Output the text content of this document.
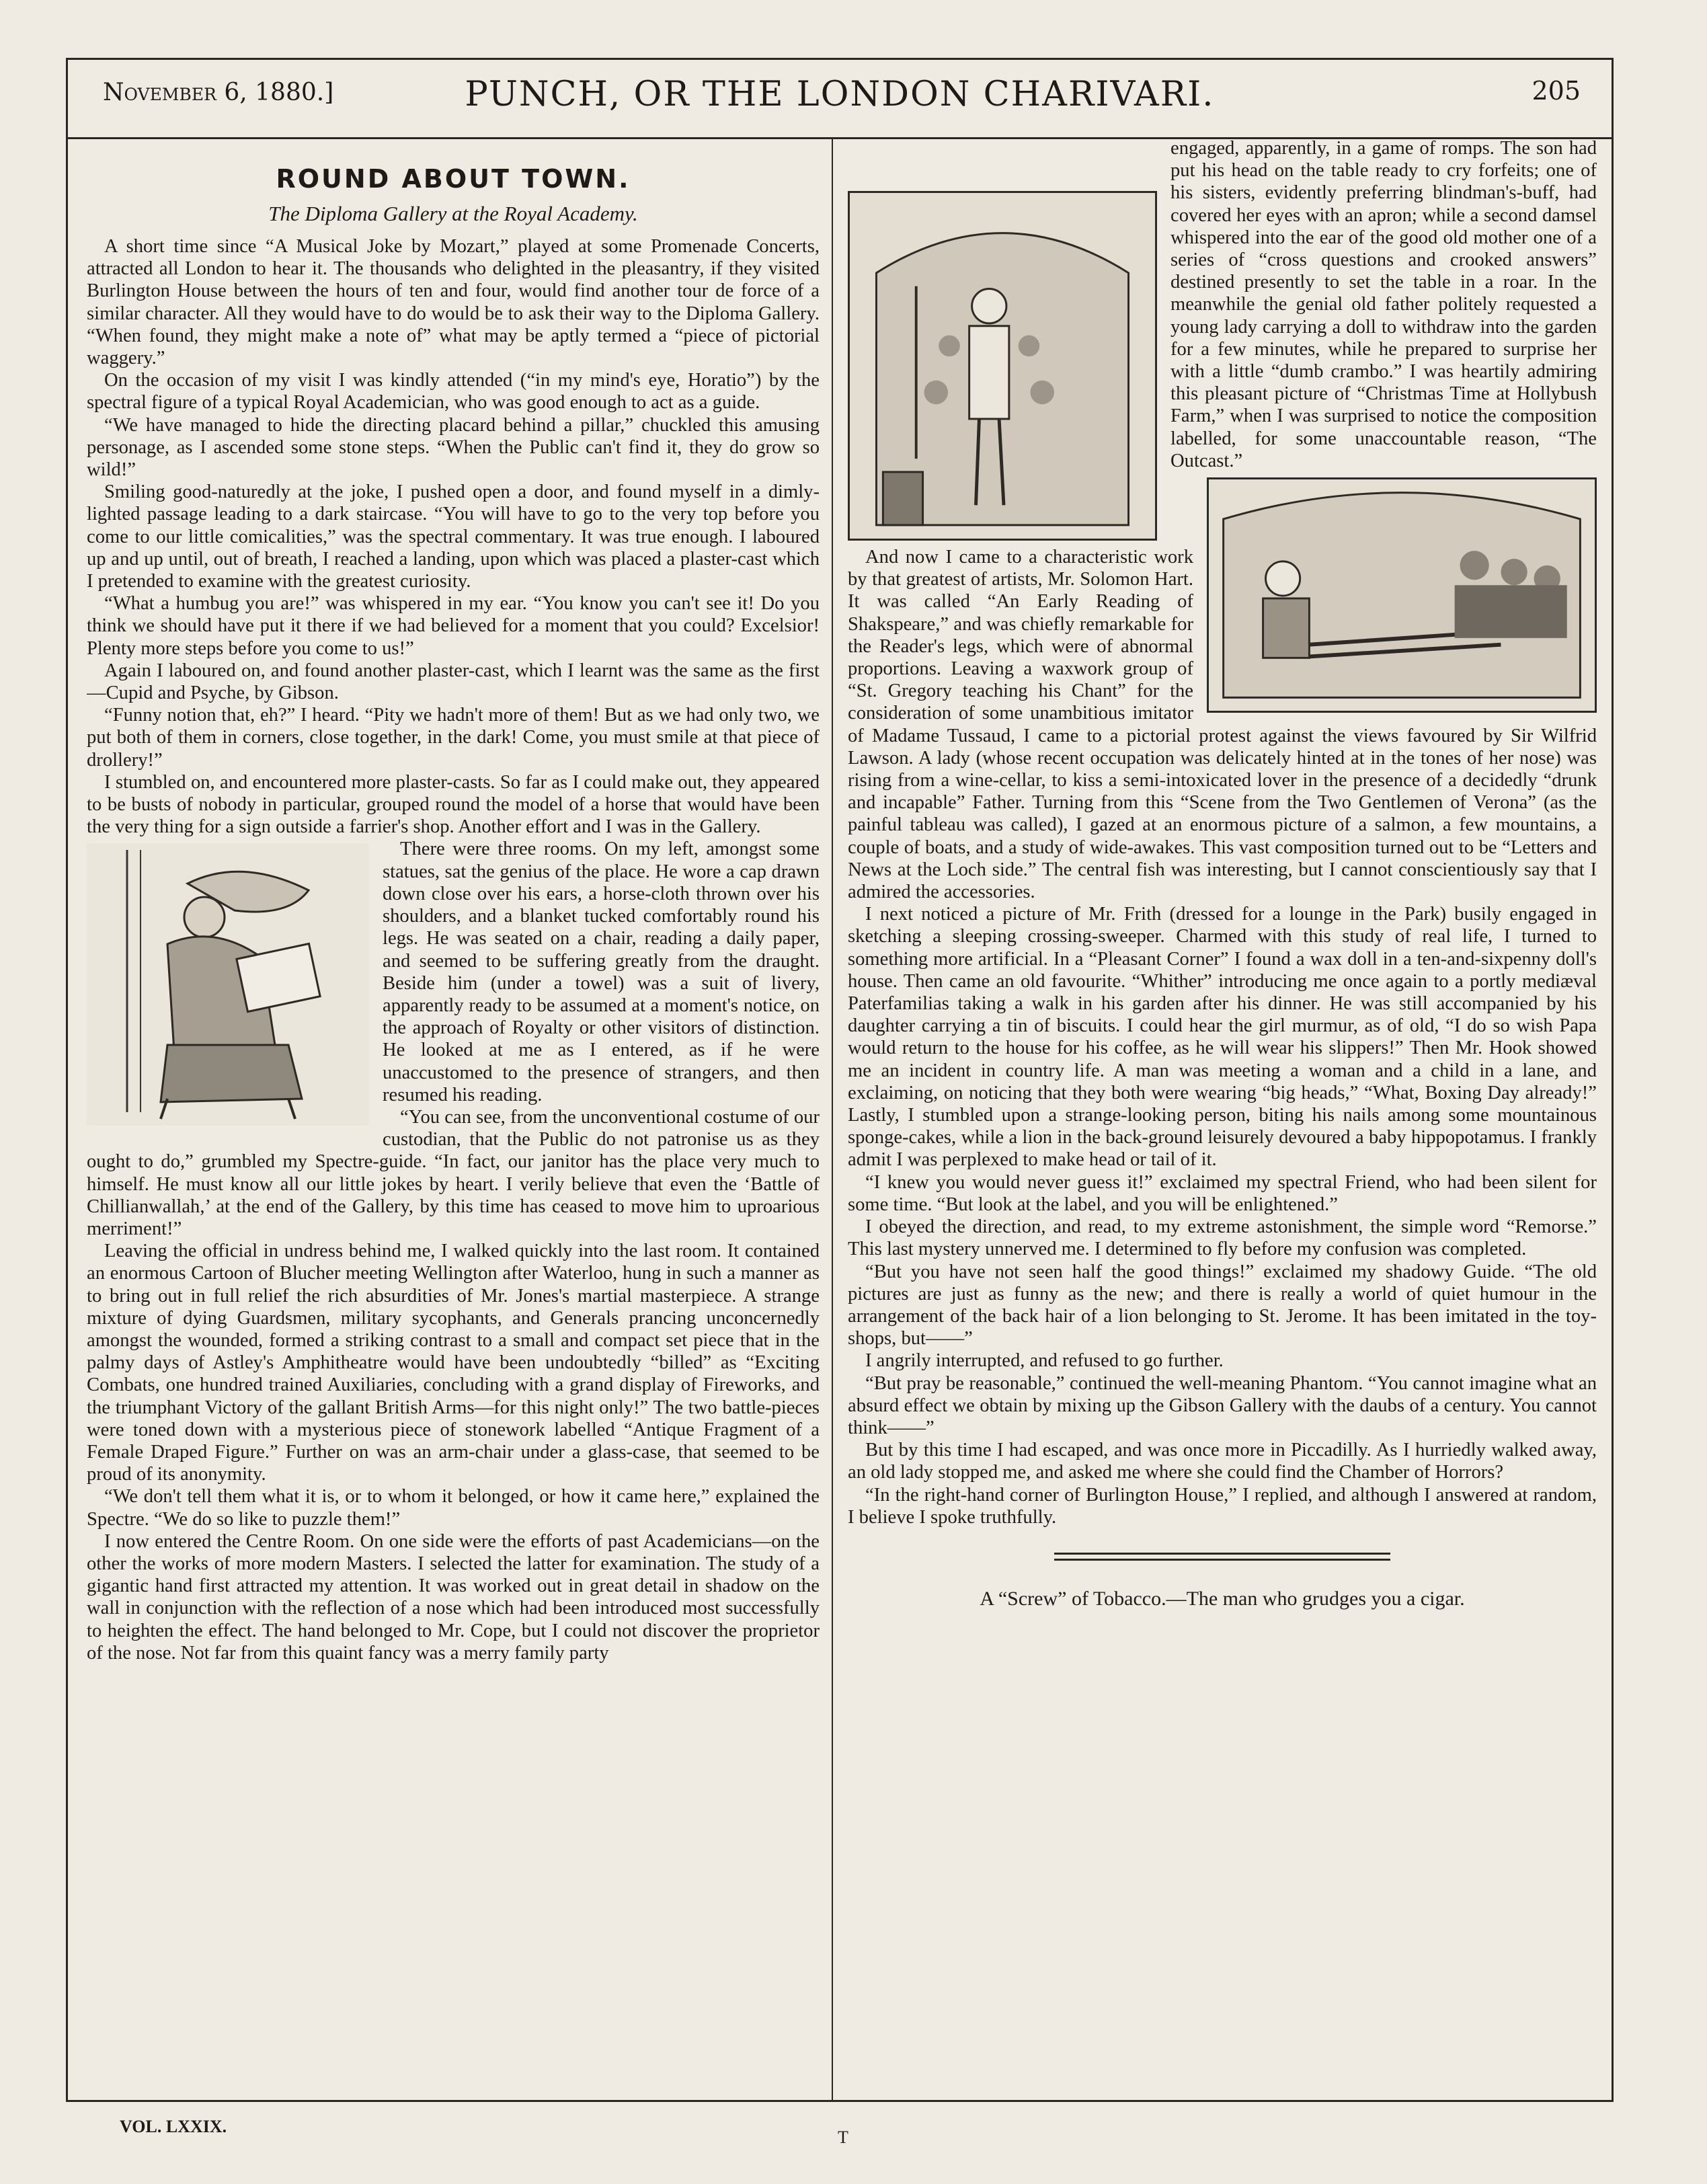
November 6, 1880.]	PUNCH, OR THE LONDON CHARIVARI.	205
ROUND ABOUT TOWN.
The Diploma Gallery at the Royal Academy.

A short time since “A Musical Joke by Mozart,” played at some Promenade Concerts, attracted all London to hear it. The thousands who delighted in the pleasantry, if they visited Burlington House between the hours of ten and four, would find another tour de force of a similar character. All they would have to do would be to ask their way to the Diploma Gallery. “When found, they might make a note of” what may be aptly termed a “piece of pictorial waggery.”

On the occasion of my visit I was kindly attended (“in my mind's eye, Horatio”) by the spectral figure of a typical Royal Academician, who was good enough to act as a guide.

“We have managed to hide the directing placard behind a pillar,” chuckled this amusing personage, as I ascended some stone steps. “When the Public can't find it, they do grow so wild!”

Smiling good-naturedly at the joke, I pushed open a door, and found myself in a dimly-lighted passage leading to a dark staircase. “You will have to go to the very top before you come to our little comicalities,” was the spectral commentary. It was true enough. I laboured up and up until, out of breath, I reached a landing, upon which was placed a plaster-cast which I pretended to examine with the greatest curiosity.

“What a humbug you are!” was whispered in my ear. “You know you can't see it! Do you think we should have put it there if we had believed for a moment that you could? Excelsior! Plenty more steps before you come to us!”

Again I laboured on, and found another plaster-cast, which I learnt was the same as the first—Cupid and Psyche, by Gibson.

“Funny notion that, eh?” I heard. “Pity we hadn't more of them! But as we had only two, we put both of them in corners, close together, in the dark! Come, you must smile at that piece of drollery!”

I stumbled on, and encountered more plaster-casts. So far as I could make out, they appeared to be busts of nobody in particular, grouped round the model of a horse that would have been the very thing for a sign outside a farrier's shop. Another effort and I was in the Gallery.

There were three rooms. On my left, amongst some statues, sat the genius of the place. He wore a cap drawn down close over his ears, a horse-cloth thrown over his shoulders, and a blanket tucked comfortably round his legs. He was seated on a chair, reading a daily paper, and seemed to be suffering greatly from the draught. Beside him (under a towel) was a suit of livery, apparently ready to be assumed at a moment's notice, on the approach of Royalty or other visitors of distinction. He looked at me as I entered, as if he were unaccustomed to the presence of strangers, and then resumed his reading.

“You can see, from the unconventional costume of our custodian, that the Public do not patronise us as they ought to do,” grumbled my Spectre-guide. “In fact, our janitor has the place very much to himself. He must know all our little jokes by heart. I verily believe that even the ‘Battle of Chillianwallah,’ at the end of the Gallery, by this time has ceased to move him to uproarious merriment!”

Leaving the official in undress behind me, I walked quickly into the last room. It contained an enormous Cartoon of Blucher meeting Wellington after Waterloo, hung in such a manner as to bring out in full relief the rich absurdities of Mr. Jones's martial masterpiece. A strange mixture of dying Guardsmen, military sycophants, and Generals prancing unconcernedly amongst the wounded, formed a striking contrast to a small and compact set piece that in the palmy days of Astley's Amphitheatre would have been undoubtedly “billed” as “Exciting Combats, one hundred trained Auxiliaries, concluding with a grand display of Fireworks, and the triumphant Victory of the gallant British Arms—for this night only!” The two battle-pieces were toned down with a mysterious piece of stonework labelled “Antique Fragment of a Female Draped Figure.” Further on was an arm-chair under a glass-case, that seemed to be proud of its anonymity.

“We don't tell them what it is, or to whom it belonged, or how it came here,” explained the Spectre. “We do so like to puzzle them!”

I now entered the Centre Room. On one side were the efforts of past Academicians—on the other the works of more modern Masters. I selected the latter for examination. The study of a gigantic hand first attracted my attention. It was worked out in great detail in shadow on the wall in conjunction with the reflection of a nose which had been introduced most successfully to heighten the effect. The hand belonged to Mr. Cope, but I could not discover the proprietor of the nose. Not far from this quaint fancy was a merry family party

engaged, apparently, in a game of romps. The son had put his head on the table ready to cry forfeits; one of his sisters, evidently preferring blindman's-buff, had covered her eyes with an apron; while a second damsel whispered into the ear of the good old mother one of a series of “cross questions and crooked answers” destined presently to set the table in a roar. In the meanwhile the genial old father politely requested a young lady carrying a doll to withdraw into the garden for a few minutes, while he prepared to surprise her with a little “dumb crambo.” I was heartily admiring this pleasant picture of “Christmas Time at Hollybush Farm,” when I was surprised to notice the composition labelled, for some unaccountable reason, “The Outcast.”

And now I came to a characteristic work by that greatest of artists, Mr. Solomon Hart. It was called “An Early Reading of Shakspeare,” and was chiefly remarkable for the Reader's legs, which were of abnormal proportions. Leaving a waxwork group of “St. Gregory teaching his Chant” for the consideration of some unambitious imitator of Madame Tussaud, I came to a pictorial protest against the views favoured by Sir Wilfrid Lawson. A lady (whose recent occupation was delicately hinted at in the tones of her nose) was rising from a wine-cellar, to kiss a semi-intoxicated lover in the presence of a decidedly “drunk and incapable” Father. Turning from this “Scene from the Two Gentlemen of Verona” (as the painful tableau was called), I gazed at an enormous picture of a salmon, a few mountains, a couple of boats, and a study of wide-awakes. This vast composition turned out to be “Letters and News at the Loch side.” The central fish was interesting, but I cannot conscientiously say that I admired the accessories.

I next noticed a picture of Mr. Frith (dressed for a lounge in the Park) busily engaged in sketching a sleeping crossing-sweeper. Charmed with this study of real life, I turned to something more artificial. In a “Pleasant Corner” I found a wax doll in a ten-and-sixpenny doll's house. Then came an old favourite. “Whither” introducing me once again to a portly mediæval Paterfamilias taking a walk in his garden after his dinner. He was still accompanied by his daughter carrying a tin of biscuits. I could hear the girl murmur, as of old, “I do so wish Papa would return to the house for his coffee, as he will wear his slippers!” Then Mr. Hook showed me an incident in country life. A man was meeting a woman and a child in a lane, and exclaiming, on noticing that they both were wearing “big heads,” “What, Boxing Day already!” Lastly, I stumbled upon a strange-looking person, biting his nails among some mountainous sponge-cakes, while a lion in the back-ground leisurely devoured a baby hippopotamus. I frankly admit I was perplexed to make head or tail of it.

“I knew you would never guess it!” exclaimed my spectral Friend, who had been silent for some time. “But look at the label, and you will be enlightened.”

I obeyed the direction, and read, to my extreme astonishment, the simple word “Remorse.” This last mystery unnerved me. I determined to fly before my confusion was completed.

“But you have not seen half the good things!” exclaimed my shadowy Guide. “The old pictures are just as funny as the new; and there is really a world of quiet humour in the arrangement of the back hair of a lion belonging to St. Jerome. It has been imitated in the toy-shops, but——”

I angrily interrupted, and refused to go further.

“But pray be reasonable,” continued the well-meaning Phantom. “You cannot imagine what an absurd effect we obtain by mixing up the Gibson Gallery with the daubs of a century. You cannot think——”

But by this time I had escaped, and was once more in Piccadilly. As I hurriedly walked away, an old lady stopped me, and asked me where she could find the Chamber of Horrors?

“In the right-hand corner of Burlington House,” I replied, and although I answered at random, I believe I spoke truthfully.

A “Screw” of Tobacco.—The man who grudges you a cigar.
VOL. LXXIX.
T
